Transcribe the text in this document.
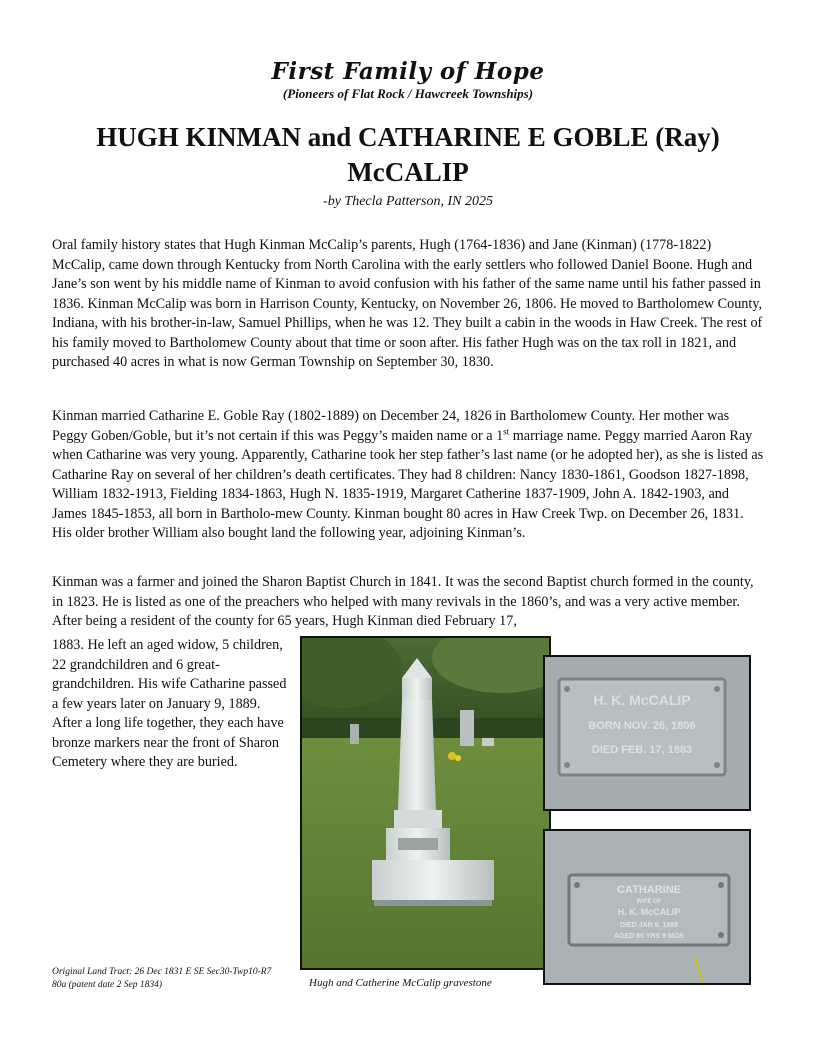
First Family of Hope
(Pioneers of Flat Rock / Hawcreek Townships)
HUGH KINMAN and CATHARINE E GOBLE (Ray)
McCALIP
-by Thecla Patterson, IN 2025

Oral family history states that Hugh Kinman McCalip’s parents, Hugh (1764-1836) and Jane (Kinman) (1778-1822) McCalip, came down through Kentucky from North Carolina with the early settlers who followed Daniel Boone. Hugh and Jane’s son went by his middle name of Kinman to avoid confusion with his father of the same name until his father passed in 1836. Kinman McCalip was born in Harrison County, Kentucky, on November 26, 1806. He moved to Bartholomew County, Indiana, with his brother-in-law, Samuel Phillips, when he was 12. They built a cabin in the woods in Haw Creek. The rest of his family moved to Bartholomew County about that time or soon after. His father Hugh was on the tax roll in 1821, and purchased 40 acres in what is now German Township on September 30, 1830.

Kinman married Catharine E. Goble Ray (1802-1889) on December 24, 1826 in Bartholomew County. Her mother was Peggy Goben/Goble, but it’s not certain if this was Peggy’s maiden name or a 1st marriage name. Peggy married Aaron Ray when Catharine was very young. Apparently, Catharine took her step father’s last name (or he adopted her), as she is listed as Catharine Ray on several of her children’s death certificates. They had 8 children: Nancy 1830-1861, Goodson 1827-1898, William 1832-1913, Fielding 1834-1863, Hugh N. 1835-1919, Margaret Catherine 1837-1909, John A. 1842-1903, and James 1845-1853, all born in Bartholo-mew County. Kinman bought 80 acres in Haw Creek Twp. on December 26, 1831. His older brother William also bought land the following year, adjoining Kinman’s.

Kinman was a farmer and joined the Sharon Baptist Church in 1841. It was the second Baptist church formed in the county, in 1823. He is listed as one of the preachers who helped with many revivals in the 1860’s, and was a very active member. After being a resident of the county for 65 years, Hugh Kinman died February 17,

1883. He left an aged widow, 5 children, 22 grandchildren and 6 great-grandchildren. His wife Catharine passed a few years later on January 9, 1889. After a long life together, they each have bronze markers near the front of Sharon Cemetery where they are buried.

H. K. McCALIP
BORN NOV. 26, 1806
DIED FEB. 17, 1883
CATHARINE
WIFE OF
H. K. McCALIP
DIED JAN 9, 1889
AGED 86 YRS 9 MOS
Original Land Tract: 26 Dec 1831 E SE Sec30-Twp10-R7 80a (patent date 2 Sep 1834)	Hugh and Catherine McCalip gravestone
